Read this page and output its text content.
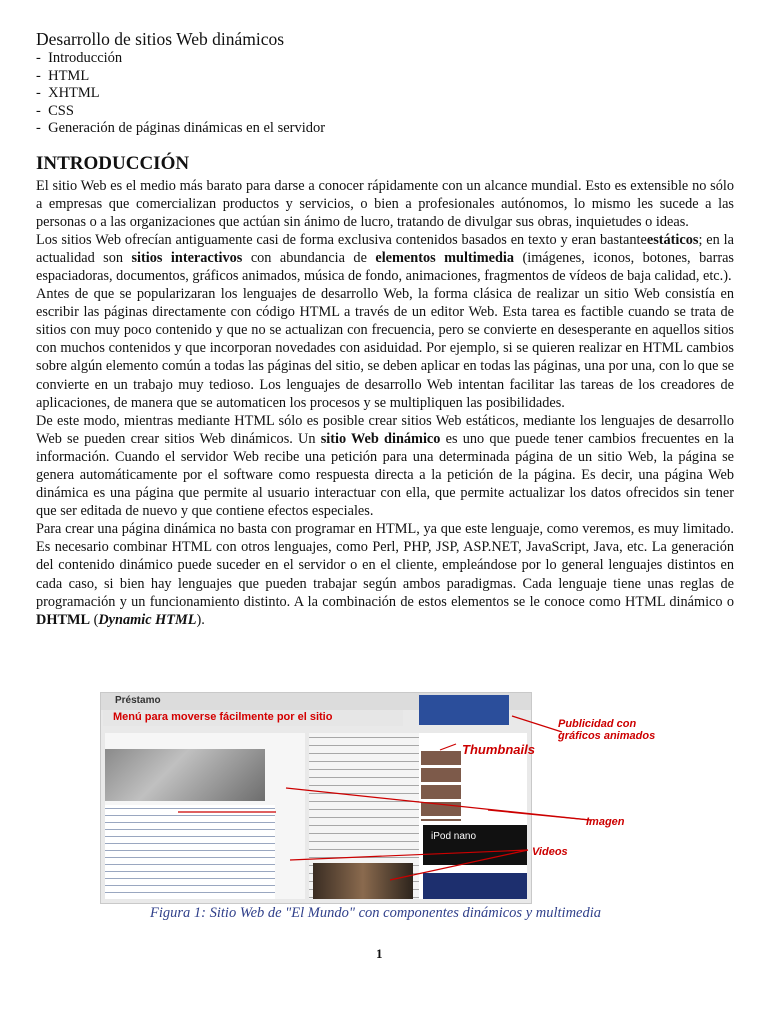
Desarrollo de sitios Web dinámicos

- Introducción
- HTML
- XHTML
- CSS
- Generación de páginas dinámicas en el servidor
INTRODUCCIÓN

El sitio Web es el medio más barato para darse a conocer rápidamente con un alcance mundial. Esto es extensible no sólo a empresas que comercializan productos y servicios, o bien a profesionales autónomos, lo mismo les sucede a las personas o a las organizaciones que actúan sin ánimo de lucro, tratando de divulgar sus obras, inquietudes o ideas.

Los sitios Web ofrecían antiguamente casi de forma exclusiva contenidos basados en texto y eran bastanteestáticos; en la actualidad son sitios interactivos con abundancia de elementos multimedia (imágenes, iconos, botones, barras espaciadoras, documentos, gráficos animados, música de fondo, animaciones, fragmentos de vídeos de baja calidad, etc.).

Antes de que se popularizaran los lenguajes de desarrollo Web, la forma clásica de realizar un sitio Web consistía en escribir las páginas directamente con código HTML a través de un editor Web. Esta tarea es factible cuando se trata de sitios con muy poco contenido y que no se actualizan con frecuencia, pero se convierte en desesperante en aquellos sitios con muchos contenidos y que incorporan novedades con asiduidad. Por ejemplo, si se quieren realizar en HTML cambios sobre algún elemento común a todas las páginas del sitio, se deben aplicar en todas las páginas, una por una, con lo que se convierte en un trabajo muy tedioso. Los lenguajes de desarrollo Web intentan facilitar las tareas de los creadores de aplicaciones, de manera que se automaticen los procesos y se multipliquen las posibilidades.

De este modo, mientras mediante HTML sólo es posible crear sitios Web estáticos, mediante los lenguajes de desarrollo Web se pueden crear sitios Web dinámicos. Un sitio Web dinámico es uno que puede tener cambios frecuentes en la información. Cuando el servidor Web recibe una petición para una determinada página de un sitio Web, la página se genera automáticamente por el software como respuesta directa a la petición de la página. Es decir, una página Web dinámica es una página que permite al usuario interactuar con ella, que permite actualizar los datos ofrecidos sin tener que ser editada de nuevo y que contiene efectos especiales.

Para crear una página dinámica no basta con programar en HTML, ya que este lenguaje, como veremos, es muy limitado. Es necesario combinar HTML con otros lenguajes, como Perl, PHP, JSP, ASP.NET, JavaScript, Java, etc. La generación del contenido dinámico puede suceder en el servidor o en el cliente, empleándose por lo general lenguajes distintos en cada caso, si bien hay lenguajes que pueden trabajar según ambos paradigmas. Cada lenguaje tiene unas reglas de programación y un funcionamiento distinto. A la combinación de estos elementos se le conoce como HTML dinámico o DHTML (Dynamic HTML).

Préstamo
Menú para moverse fácilmente por el sitio
iPod nano
Publicidad con gráficos animados
Thumbnails
Imagen
Videos
Figura 1: Sitio Web de "El Mundo" con componentes dinámicos y multimedia
1
